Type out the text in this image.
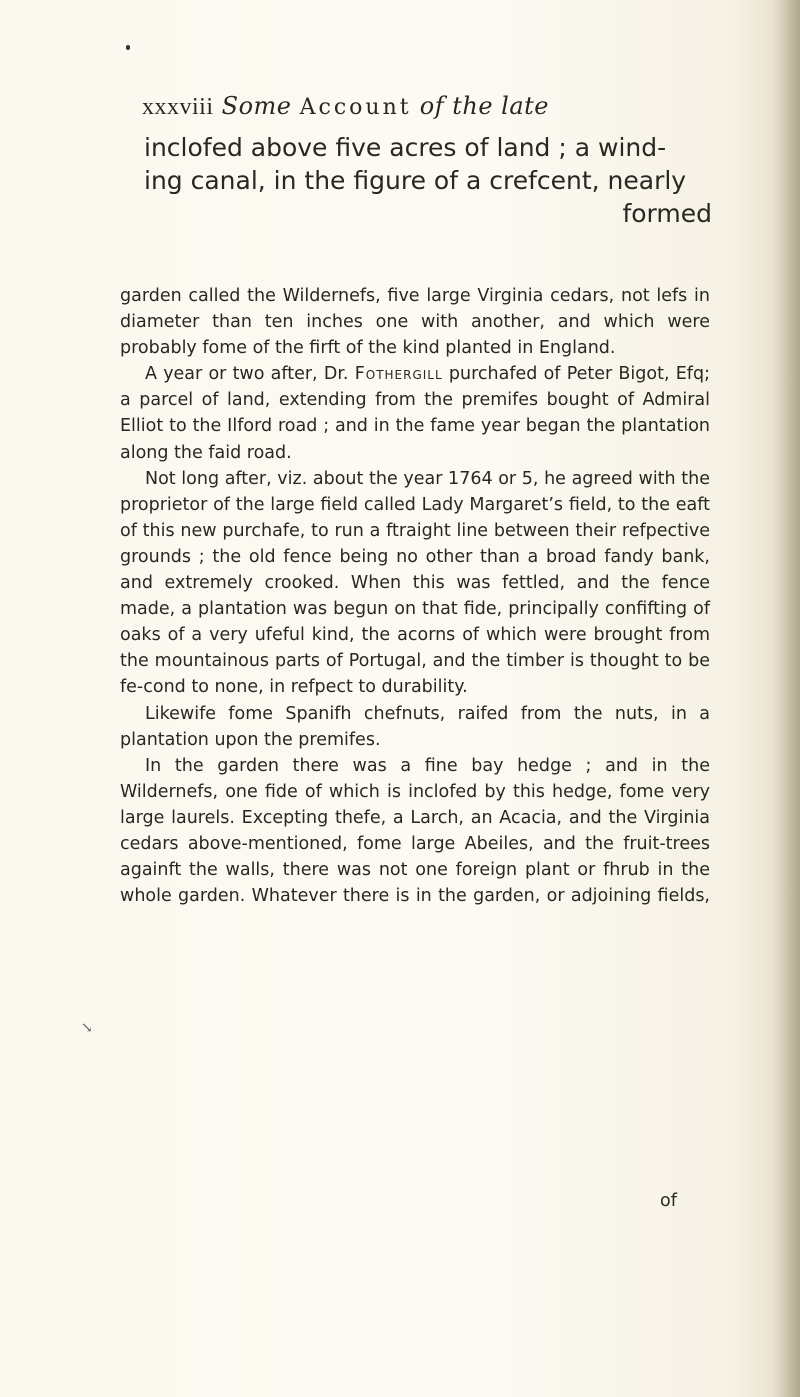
xxxviii Some Account of the late
inclofed above five acres of land ; a wind-
ing canal, in the figure of a crefcent, nearly
formed

garden called the Wildernefs, five large Virginia cedars, not lefs in diameter than ten inches one with another, and which were probably fome of the firft of the kind planted in England.

A year or two after, Dr. Fothergill purchafed of Peter Bigot, Efq; a parcel of land, extending from the premifes bought of Admiral Elliot to the Ilford road ; and in the fame year began the plantation along the faid road.

Not long after, viz. about the year 1764 or 5, he agreed with the proprietor of the large field called Lady Margaret’s field, to the eaft of this new purchafe, to run a ftraight line between their refpective grounds ; the old fence being no other than a broad fandy bank, and extremely crooked. When this was fettled, and the fence made, a plantation was begun on that fide, principally confifting of oaks of a very ufeful kind, the acorns of which were brought from the mountainous parts of Portugal, and the timber is thought to be fe-cond to none, in refpect to durability.

Likewife fome Spanifh chefnuts, raifed from the nuts, in a plantation upon the premifes.

In the garden there was a fine bay hedge ; and in the Wildernefs, one fide of which is inclofed by this hedge, fome very large laurels. Excepting thefe, a Larch, an Acacia, and the Virginia cedars above-mentioned, fome large Abeiles, and the fruit-trees againft the walls, there was not one foreign plant or fhrub in the whole garden. Whatever there is in the garden, or adjoining fields,

of
↘
